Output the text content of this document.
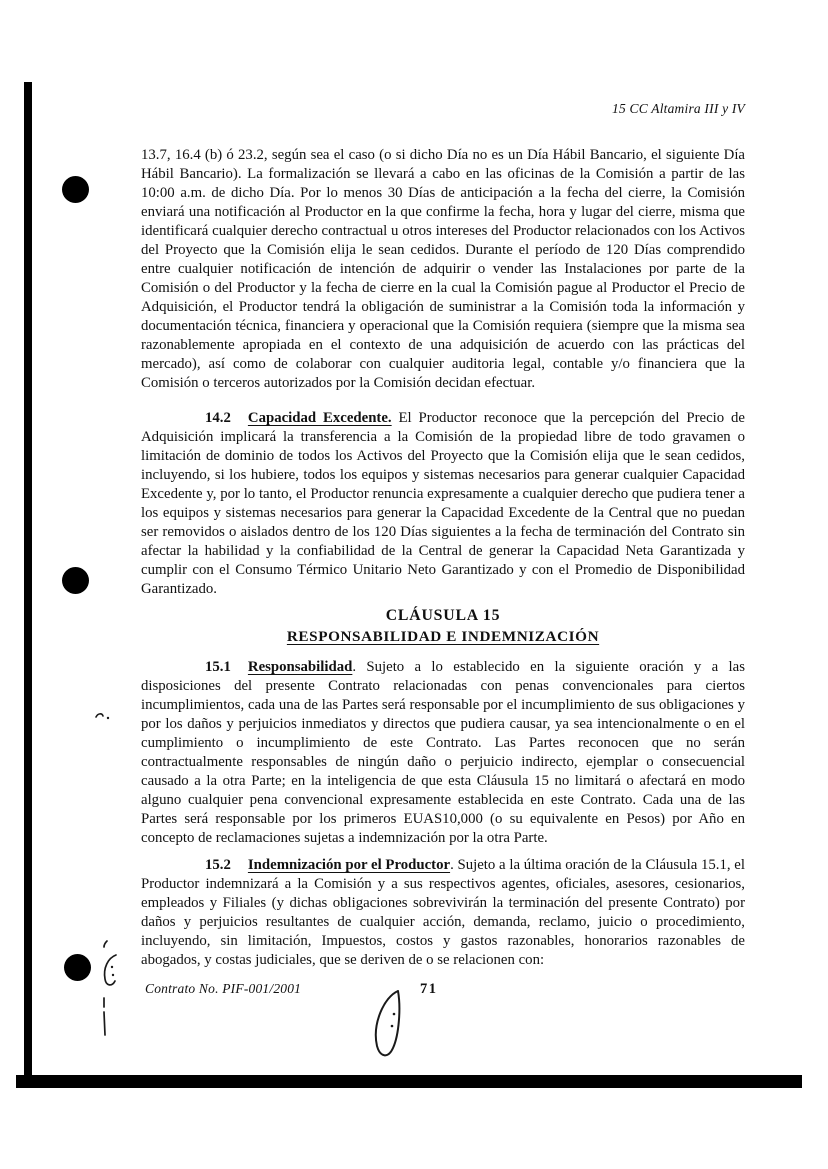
15 CC Altamira III y IV

13.7, 16.4 (b) ó 23.2, según sea el caso (o si dicho Día no es un Día Hábil Bancario, el siguiente Día Hábil Bancario). La formalización se llevará a cabo en las oficinas de la Comisión a partir de las 10:00 a.m. de dicho Día. Por lo menos 30 Días de anticipación a la fecha del cierre, la Comisión enviará una notificación al Productor en la que confirme la fecha, hora y lugar del cierre, misma que identificará cualquier derecho contractual u otros intereses del Productor relacionados con los Activos del Proyecto que la Comisión elija le sean cedidos. Durante el período de 120 Días comprendido entre cualquier notificación de intención de adquirir o vender las Instalaciones por parte de la Comisión o del Productor y la fecha de cierre en la cual la Comisión pague al Productor el Precio de Adquisición, el Productor tendrá la obligación de suministrar a la Comisión toda la información y documentación técnica, financiera y operacional que la Comisión requiera (siempre que la misma sea razonablemente apropiada en el contexto de una adquisición de acuerdo con las prácticas del mercado), así como de colaborar con cualquier auditoria legal, contable y/o financiera que la Comisión o terceros autorizados por la Comisión decidan efectuar.

14.2 Capacidad Excedente. El Productor reconoce que la percepción del Precio de Adquisición implicará la transferencia a la Comisión de la propiedad libre de todo gravamen o limitación de dominio de todos los Activos del Proyecto que la Comisión elija que le sean cedidos, incluyendo, si los hubiere, todos los equipos y sistemas necesarios para generar cualquier Capacidad Excedente y, por lo tanto, el Productor renuncia expresamente a cualquier derecho que pudiera tener a los equipos y sistemas necesarios para generar la Capacidad Excedente de la Central que no puedan ser removidos o aislados dentro de los 120 Días siguientes a la fecha de terminación del Contrato sin afectar la habilidad y la confiabilidad de la Central de generar la Capacidad Neta Garantizada y cumplir con el Consumo Térmico Unitario Neto Garantizado y con el Promedio de Disponibilidad Garantizado.

CLÁUSULA 15
RESPONSABILIDAD E INDEMNIZACIÓN

15.1 Responsabilidad. Sujeto a lo establecido en la siguiente oración y a las disposiciones del presente Contrato relacionadas con penas convencionales para ciertos incumplimientos, cada una de las Partes será responsable por el incumplimiento de sus obligaciones y por los daños y perjuicios inmediatos y directos que pudiera causar, ya sea intencionalmente o en el cumplimiento o incumplimiento de este Contrato. Las Partes reconocen que no serán contractualmente responsables de ningún daño o perjuicio indirecto, ejemplar o consecuencial causado a la otra Parte; en la inteligencia de que esta Cláusula 15 no limitará o afectará en modo alguno cualquier pena convencional expresamente establecida en este Contrato. Cada una de las Partes será responsable por los primeros EUAS10,000 (o su equivalente en Pesos) por Año en concepto de reclamaciones sujetas a indemnización por la otra Parte.

15.2 Indemnización por el Productor. Sujeto a la última oración de la Cláusula 15.1, el Productor indemnizará a la Comisión y a sus respectivos agentes, oficiales, asesores, cesionarios, empleados y Filiales (y dichas obligaciones sobrevivirán la terminación del presente Contrato) por daños y perjuicios resultantes de cualquier acción, demanda, reclamo, juicio o procedimiento, incluyendo, sin limitación, Impuestos, costos y gastos razonables, honorarios razonables de abogados, y costas judiciales, que se deriven de o se relacionen con:

Contrato No. PIF-001/2001	71
